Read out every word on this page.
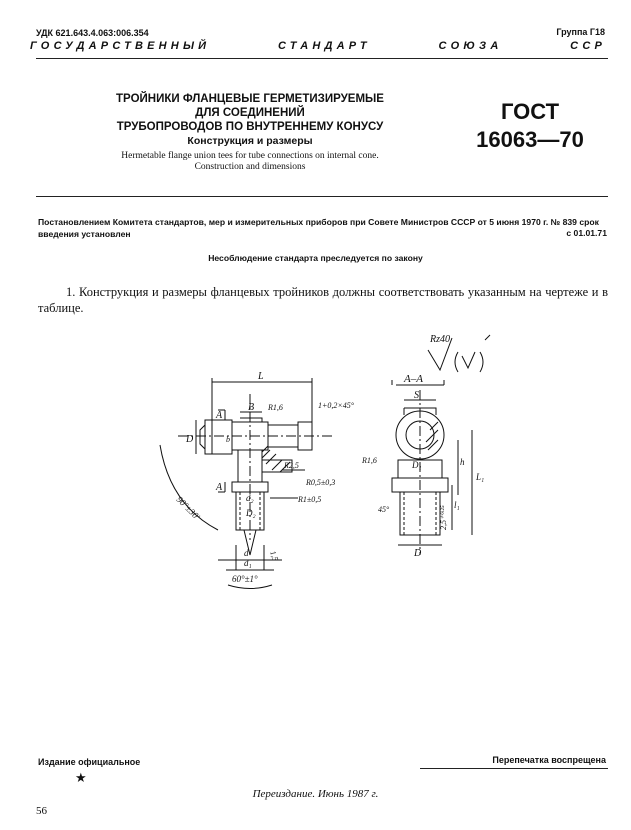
УДК 621.643.4.063:006.354	Группа Г18
ГОСУДАРСТВЕННЫЙ	СТАНДАРТ	СОЮЗА	ССР
ТРОЙНИКИ ФЛАНЦЕВЫЕ ГЕРМЕТИЗИРУЕМЫЕ
ДЛЯ СОЕДИНЕНИЙ
ТРУБОПРОВОДОВ ПО ВНУТРЕННЕМУ КОНУСУ
Конструкция и размеры
Hermetable flange union tees for tube connections on internal cone.
Construction and dimensions
ГОСТ
16063—70
Постановлением Комитета стандартов, мер и измерительных приборов при Совете Министров СССР от 5 июня 1970 г. № 839 срок введения установлен	с 01.01.71
Несоблюдение стандарта преследуется по закону
1. Конструкция и размеры фланцевых тройников должны соответствовать указанным на чертеже и в таблице.
L
B R1,6	1+0,2×45°
D	b
R2,5
R0,5±0,3
R1±0,5
d₂
D₂
90°±30′
d
d₁
1,5
60°±1°
А
А
А–А
S
R1,6	D₁	h
L₁
l₁
2,5⁺⁰·²⁵
45°
D
Rz40
Издание официальное
★
Перепечатка воспрещена
Переиздание. Июнь 1987 г.
56
